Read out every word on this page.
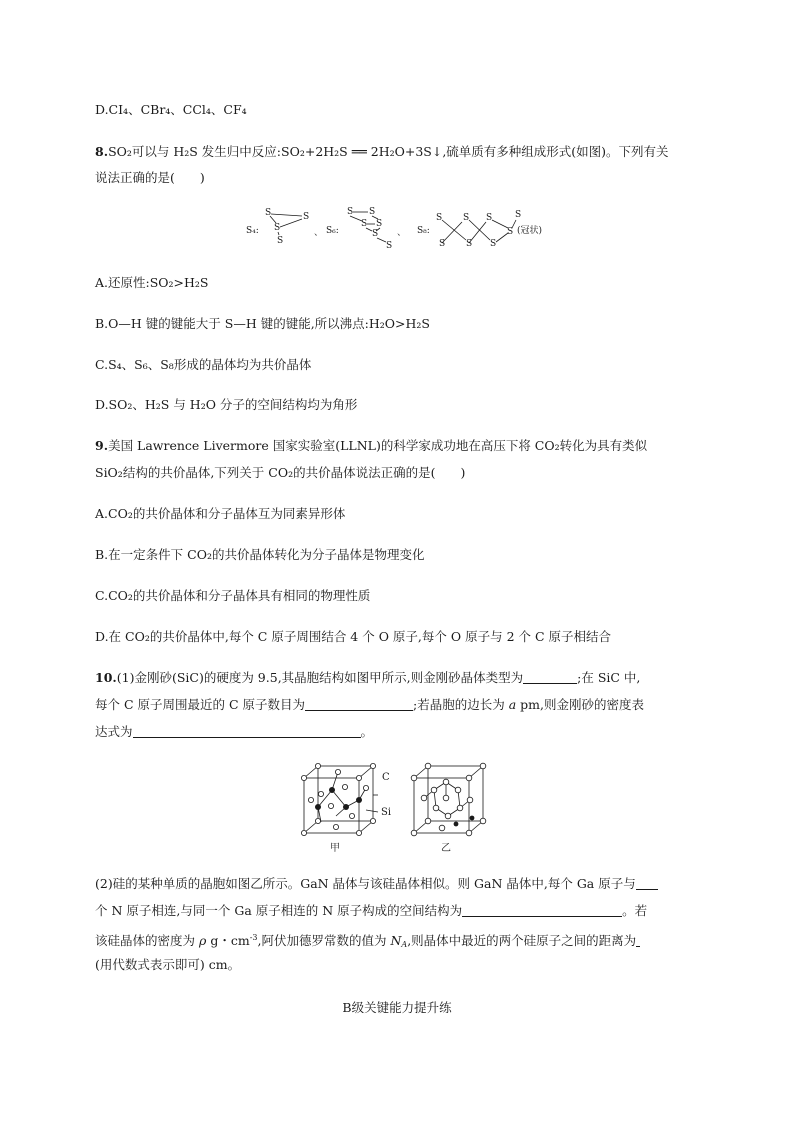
D.CI₄、CBr₄、CCl₄、CF₄
8.SO₂可以与 H₂S 发生归中反应:SO₂+2H₂S ══ 2H₂O+3S↓,硫单质有多种组成形式(如图)。下列有关
说法正确的是(　　)
S₄:
S	S
S
S
、 S₆:
S S
S S
S
S
、 S₈:
S S S	S
S S S
S (冠状)
A.还原性:SO₂>H₂S
B.O—H 键的键能大于 S—H 键的键能,所以沸点:H₂O>H₂S
C.S₄、S₆、S₈形成的晶体均为共价晶体
D.SO₂、H₂S 与 H₂O 分子的空间结构均为角形
9.美国 Lawrence Livermore 国家实验室(LLNL)的科学家成功地在高压下将 CO₂转化为具有类似
SiO₂结构的共价晶体,下列关于 CO₂的共价晶体说法正确的是(　　)
A.CO₂的共价晶体和分子晶体互为同素异形体
B.在一定条件下 CO₂的共价晶体转化为分子晶体是物理变化
C.CO₂的共价晶体和分子晶体具有相同的物理性质
D.在 CO₂的共价晶体中,每个 C 原子周围结合 4 个 O 原子,每个 O 原子与 2 个 C 原子相结合
10.(1)金刚砂(SiC)的硬度为 9.5,其晶胞结构如图甲所示,则金刚砂晶体类型为	;在 SiC 中,
每个 C 原子周围最近的 C 原子数目为	;若晶胞的边长为 a pm,则金刚砂的密度表
达式为	。
C
Si
甲	乙
(2)硅的某种单质的晶胞如图乙所示。GaN 晶体与该硅晶体相似。则 GaN 晶体中,每个 Ga 原子与
个 N 原子相连,与同一个 Ga 原子相连的 N 原子构成的空间结构为	。若
该硅晶体的密度为 ρ g・$cm^{-3}$,阿伏加德罗常数的值为 $N_A$,则晶体中最近的两个硅原子之间的距离为
(用代数式表示即可) cm。
B级关键能力提升练
